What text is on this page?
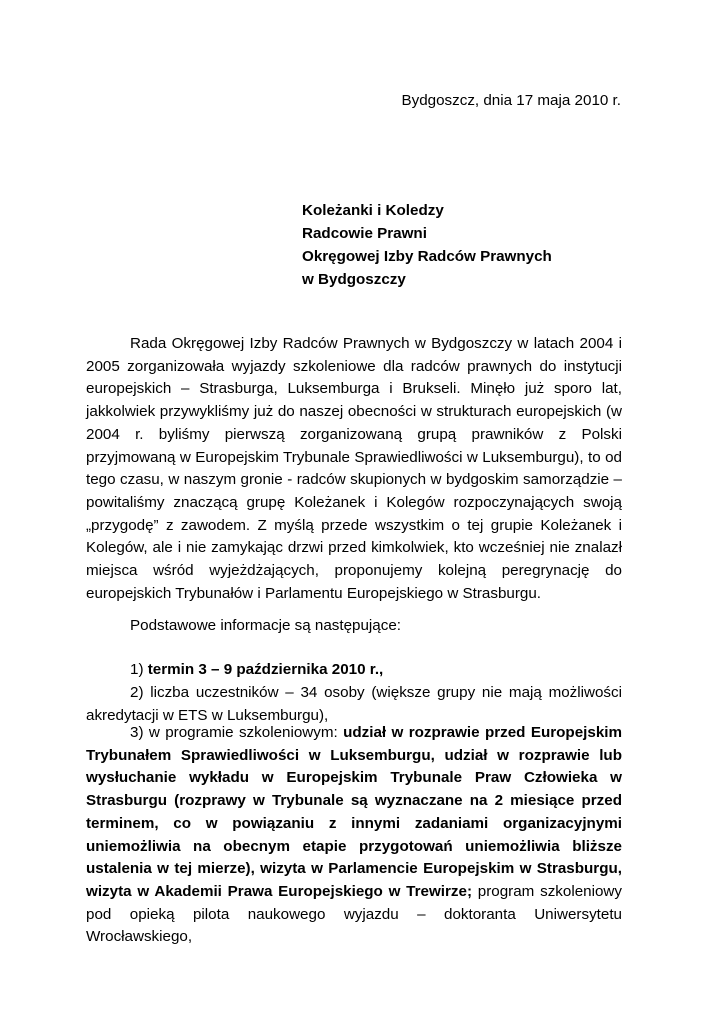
Bydgoszcz, dnia 17 maja 2010 r.
Koleżanki i Koledzy
Radcowie Prawni
Okręgowej Izby Radców Prawnych
w Bydgoszczy
Rada Okręgowej Izby Radców Prawnych w Bydgoszczy w latach 2004 i 2005 zorganizowała wyjazdy szkoleniowe dla radców prawnych do instytucji europejskich – Strasburga, Luksemburga i Brukseli. Minęło już sporo lat, jakkolwiek przywykliśmy już do naszej obecności w strukturach europejskich (w 2004 r. byliśmy pierwszą zorganizowaną grupą prawników z Polski przyjmowaną w Europejskim Trybunale Sprawiedliwości w Luksemburgu), to od tego czasu, w naszym gronie - radców skupionych w bydgoskim samorządzie – powitaliśmy znaczącą grupę Koleżanek i Kolegów rozpoczynających swoją „przygodę” z zawodem. Z myślą przede wszystkim o tej grupie Koleżanek i Kolegów, ale i nie zamykając drzwi przed kimkolwiek, kto wcześniej nie znalazł miejsca wśród wyjeżdżających, proponujemy kolejną peregrynację do europejskich Trybunałów i Parlamentu Europejskiego w Strasburgu.
Podstawowe informacje są następujące:
1) termin 3 – 9 października 2010 r.,
2) liczba uczestników – 34 osoby (większe grupy nie mają możliwości akredytacji w ETS w Luksemburgu),
3) w programie szkoleniowym: udział w rozprawie przed Europejskim Trybunałem Sprawiedliwości w Luksemburgu, udział w rozprawie lub wysłuchanie wykładu w Europejskim Trybunale Praw Człowieka w Strasburgu (rozprawy w Trybunale są wyznaczane na 2 miesiące przed terminem, co w powiązaniu z innymi zadaniami organizacyjnymi uniemożliwia na obecnym etapie przygotowań uniemożliwia bliższe ustalenia w tej mierze), wizyta w Parlamencie Europejskim w Strasburgu, wizyta w Akademii Prawa Europejskiego w Trewirze; program szkoleniowy pod opieką pilota naukowego wyjazdu – doktoranta Uniwersytetu Wrocławskiego,
